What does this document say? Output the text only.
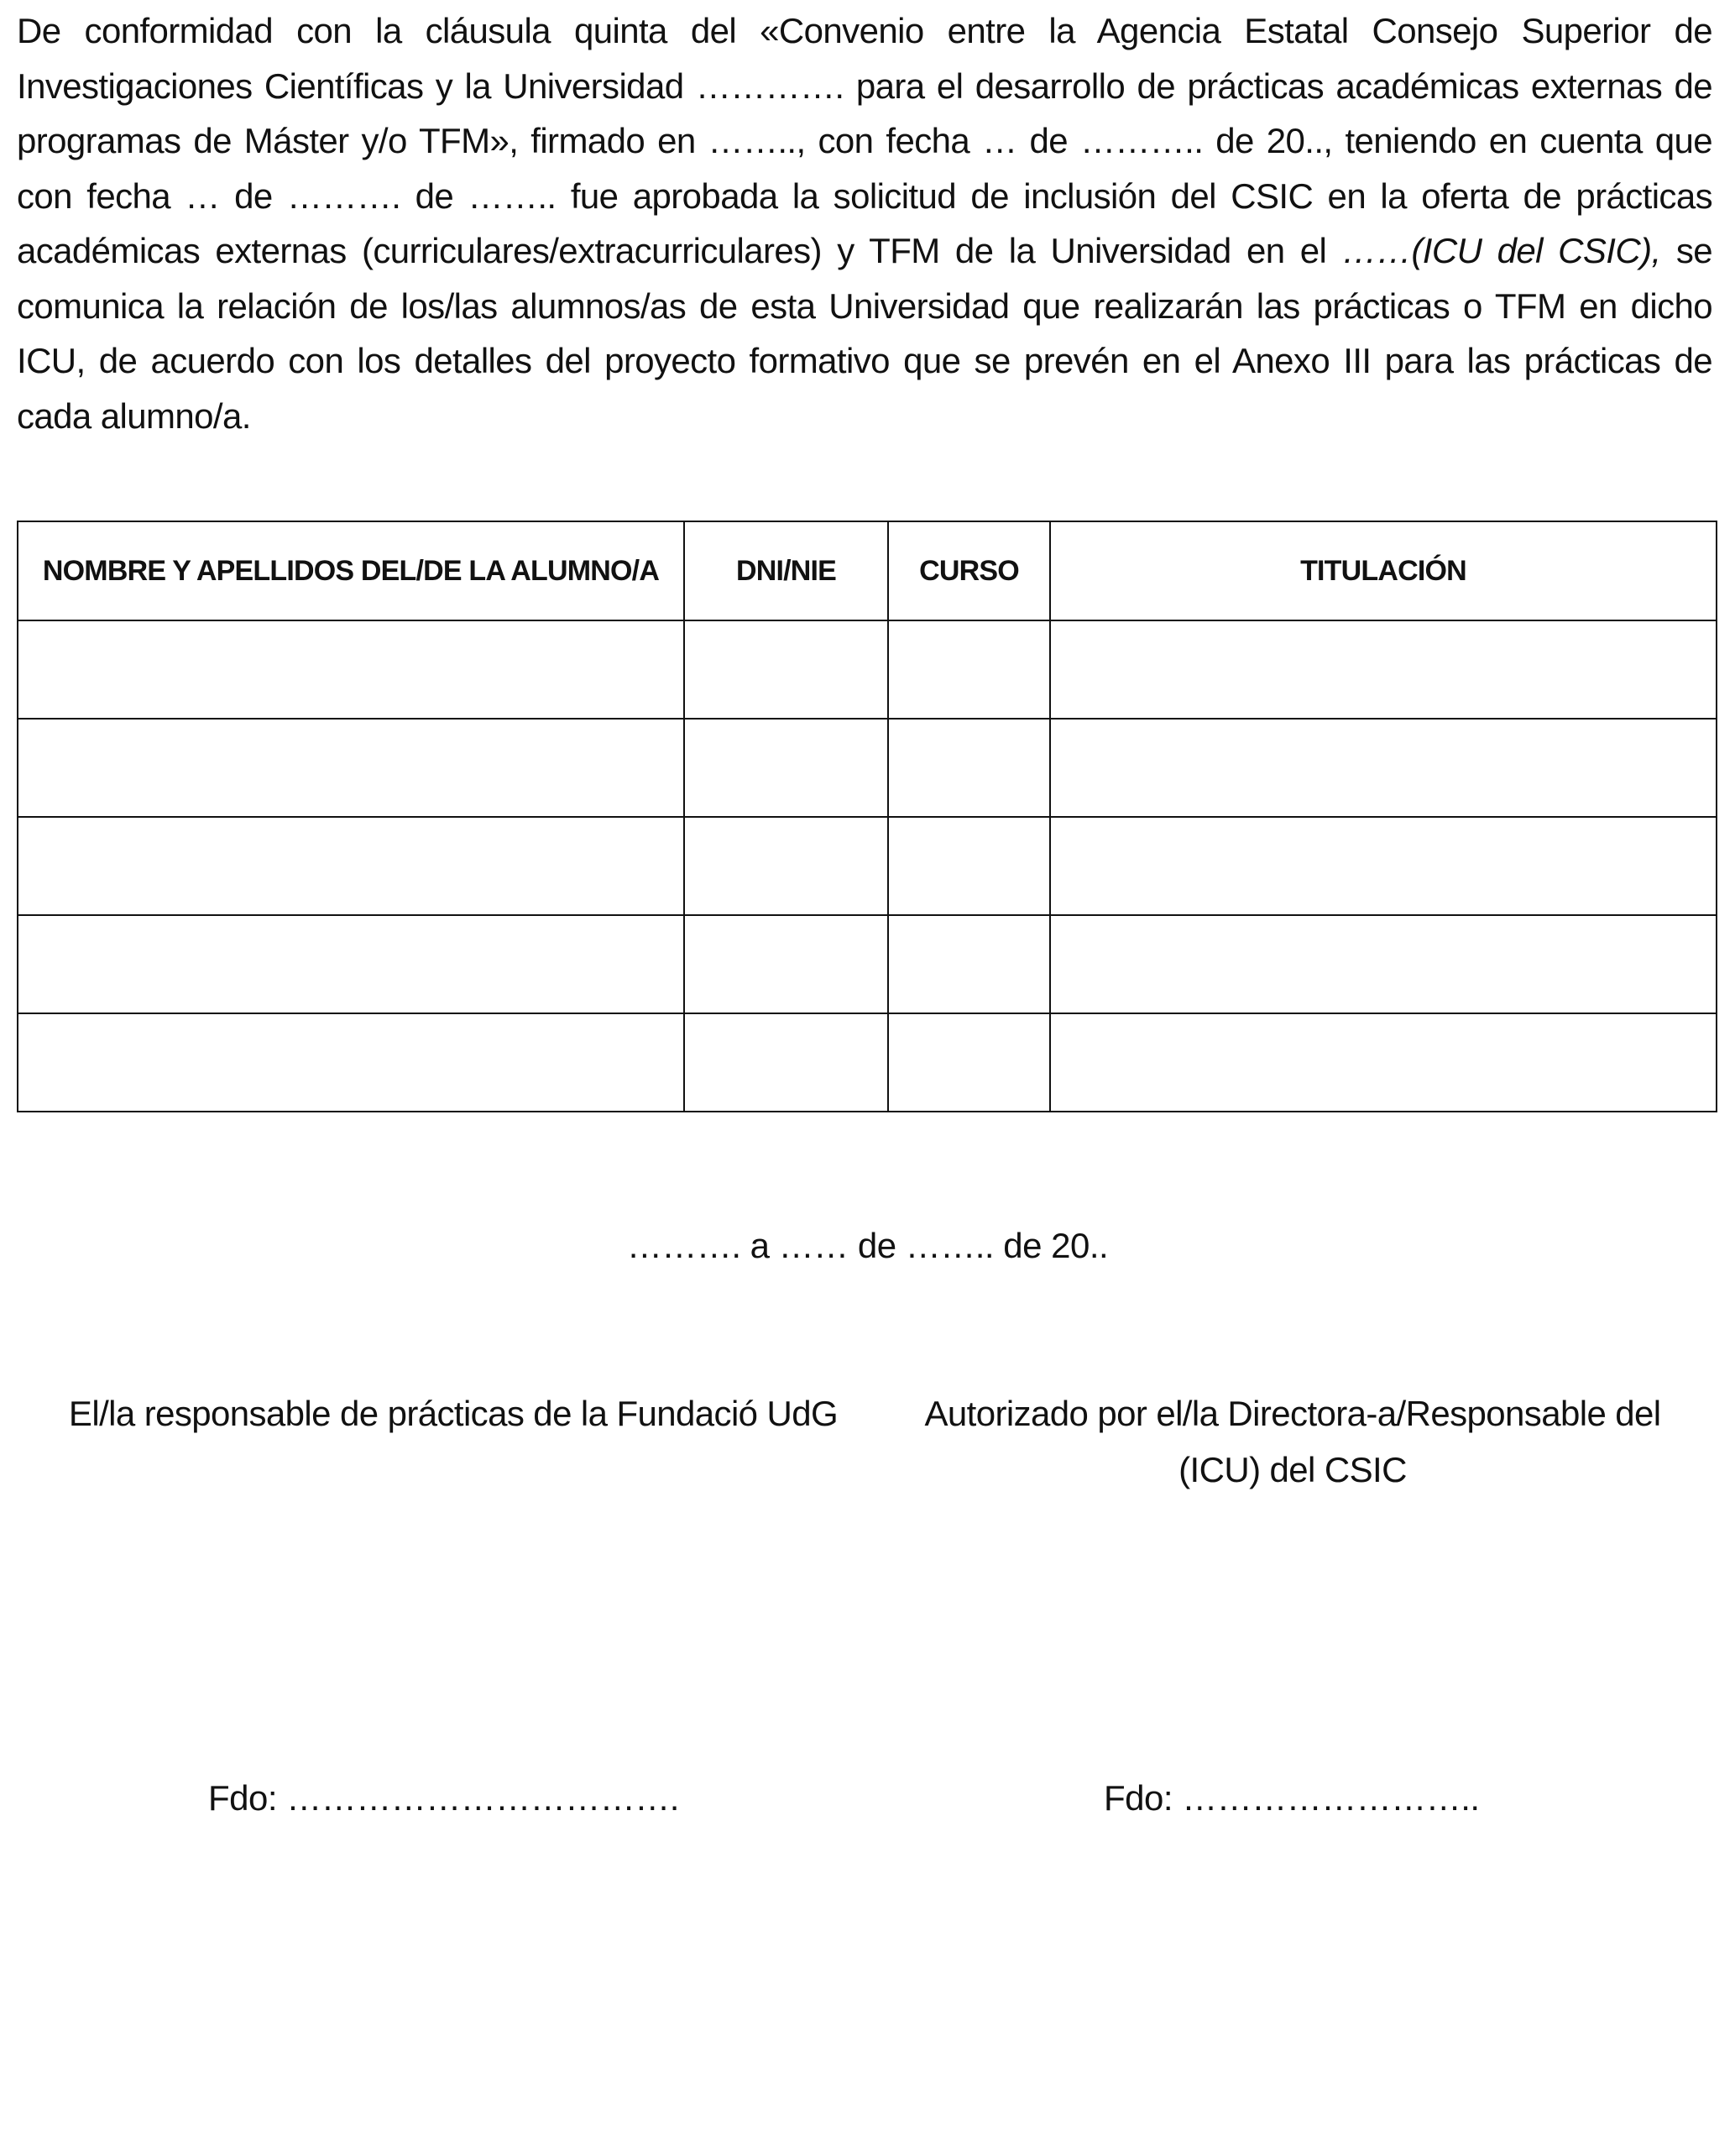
De conformidad con la cláusula quinta del «Convenio entre la Agencia Estatal Consejo Superior de Investigaciones Científicas y la Universidad …………. para el desarrollo de prácticas académicas externas de programas de Máster y/o TFM», firmado en …….., con fecha … de ……….. de 20.., teniendo en cuenta que con fecha … de ………. de …….. fue aprobada la solicitud de inclusión del CSIC en la oferta de prácticas académicas externas (curriculares/extracurriculares) y TFM de la Universidad en el ……(ICU del CSIC), se comunica la relación de los/las alumnos/as de esta Universidad que realizarán las prácticas o TFM en dicho ICU, de acuerdo con los detalles del proyecto formativo que se prevén en el Anexo III para las prácticas de cada alumno/a.

NOMBRE Y APELLIDOS DEL/DE LA ALUMNO/A	DNI/NIE	CURSO	TITULACIÓN

………. a …… de …….. de 20..
El/la responsable de prácticas de la Fundació UdG	Autorizado por el/la Directora-a/Responsable del
(ICU) del CSIC
Fdo: …………………………….	Fdo: ……………………..
